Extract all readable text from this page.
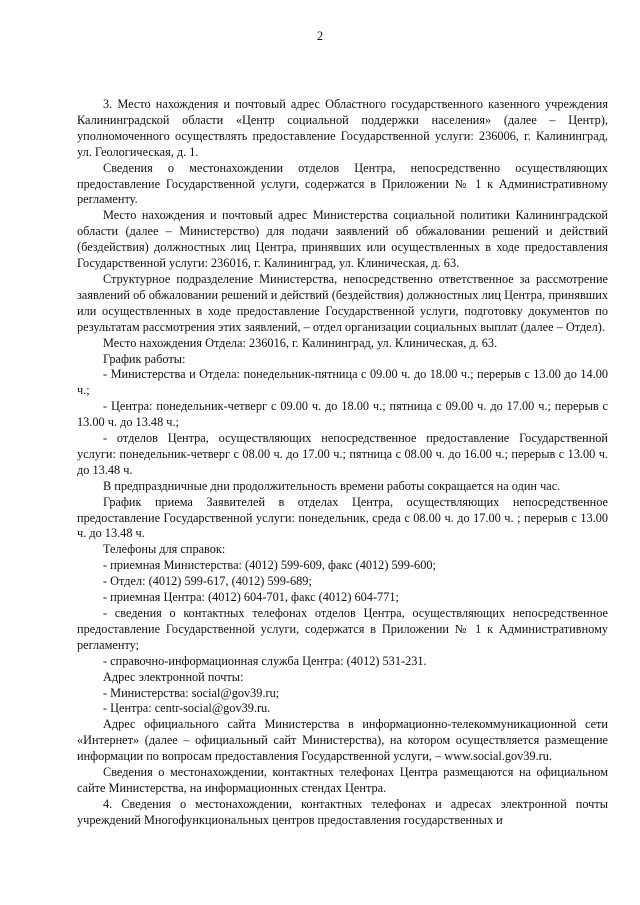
2

3. Место нахождения и почтовый адрес Областного государственного казенного учреждения Калининградской области «Центр социальной поддержки населения» (далее – Центр), уполномоченного осуществлять предоставление Государственной услуги: 236006, г. Калининград, ул. Геологическая, д. 1.

Сведения о местонахождении отделов Центра, непосредственно осуществляющих предоставление Государственной услуги, содержатся в Приложении № 1 к Административному регламенту.

Место нахождения и почтовый адрес Министерства социальной политики Калининградской области (далее – Министерство) для подачи заявлений об обжаловании решений и действий (бездействия) должностных лиц Центра, принявших или осуществленных в ходе предоставления Государственной услуги: 236016, г. Калининград, ул. Клиническая, д. 63.

Структурное подразделение Министерства, непосредственно ответственное за рассмотрение заявлений об обжаловании решений и действий (бездействия) должностных лиц Центра, принявших или осуществленных в ходе предоставление Государственной услуги, подготовку документов по результатам рассмотрения этих заявлений, – отдел организации социальных выплат (далее – Отдел).

Место нахождения Отдела: 236016, г. Калининград, ул. Клиническая, д. 63.

График работы:

- Министерства и Отдела: понедельник-пятница с 09.00 ч. до 18.00 ч.; перерыв с 13.00 до 14.00 ч.;

- Центра: понедельник-четверг с 09.00 ч. до 18.00 ч.; пятница с 09.00 ч. до 17.00 ч.; перерыв с 13.00 ч. до 13.48 ч.;

- отделов Центра, осуществляющих непосредственное предоставление Государственной услуги: понедельник-четверг с 08.00 ч. до 17.00 ч.; пятница с 08.00 ч. до 16.00 ч.; перерыв с 13.00 ч. до 13.48 ч.

В предпраздничные дни продолжительность времени работы сокращается на один час.

График приема Заявителей в отделах Центра, осуществляющих непосредственное предоставление Государственной услуги: понедельник, среда с 08.00 ч. до 17.00 ч. ; перерыв с 13.00 ч. до 13.48 ч.

Телефоны для справок:

- приемная Министерства: (4012) 599-609, факс (4012) 599-600;

- Отдел: (4012) 599-617, (4012) 599-689;

- приемная Центра: (4012) 604-701, факс (4012) 604-771;

- сведения о контактных телефонах отделов Центра, осуществляющих непосредственное предоставление Государственной услуги, содержатся в Приложении № 1 к Административному регламенту;

- справочно-информационная служба Центра: (4012) 531-231.

Адрес электронной почты:

- Министерства: social@gov39.ru;

- Центра: centr-social@gov39.ru.

Адрес официального сайта Министерства в информационно-телекоммуникационной сети «Интернет» (далее – официальный сайт Министерства), на котором осуществляется размещение информации по вопросам предоставления Государственной услуги, – www.social.gov39.ru.

Сведения о местонахождении, контактных телефонах Центра размещаются на официальном сайте Министерства, на информационных стендах Центра.

4. Сведения о местонахождении, контактных телефонах и адресах электронной почты учреждений Многофункциональных центров предоставления государственных и
